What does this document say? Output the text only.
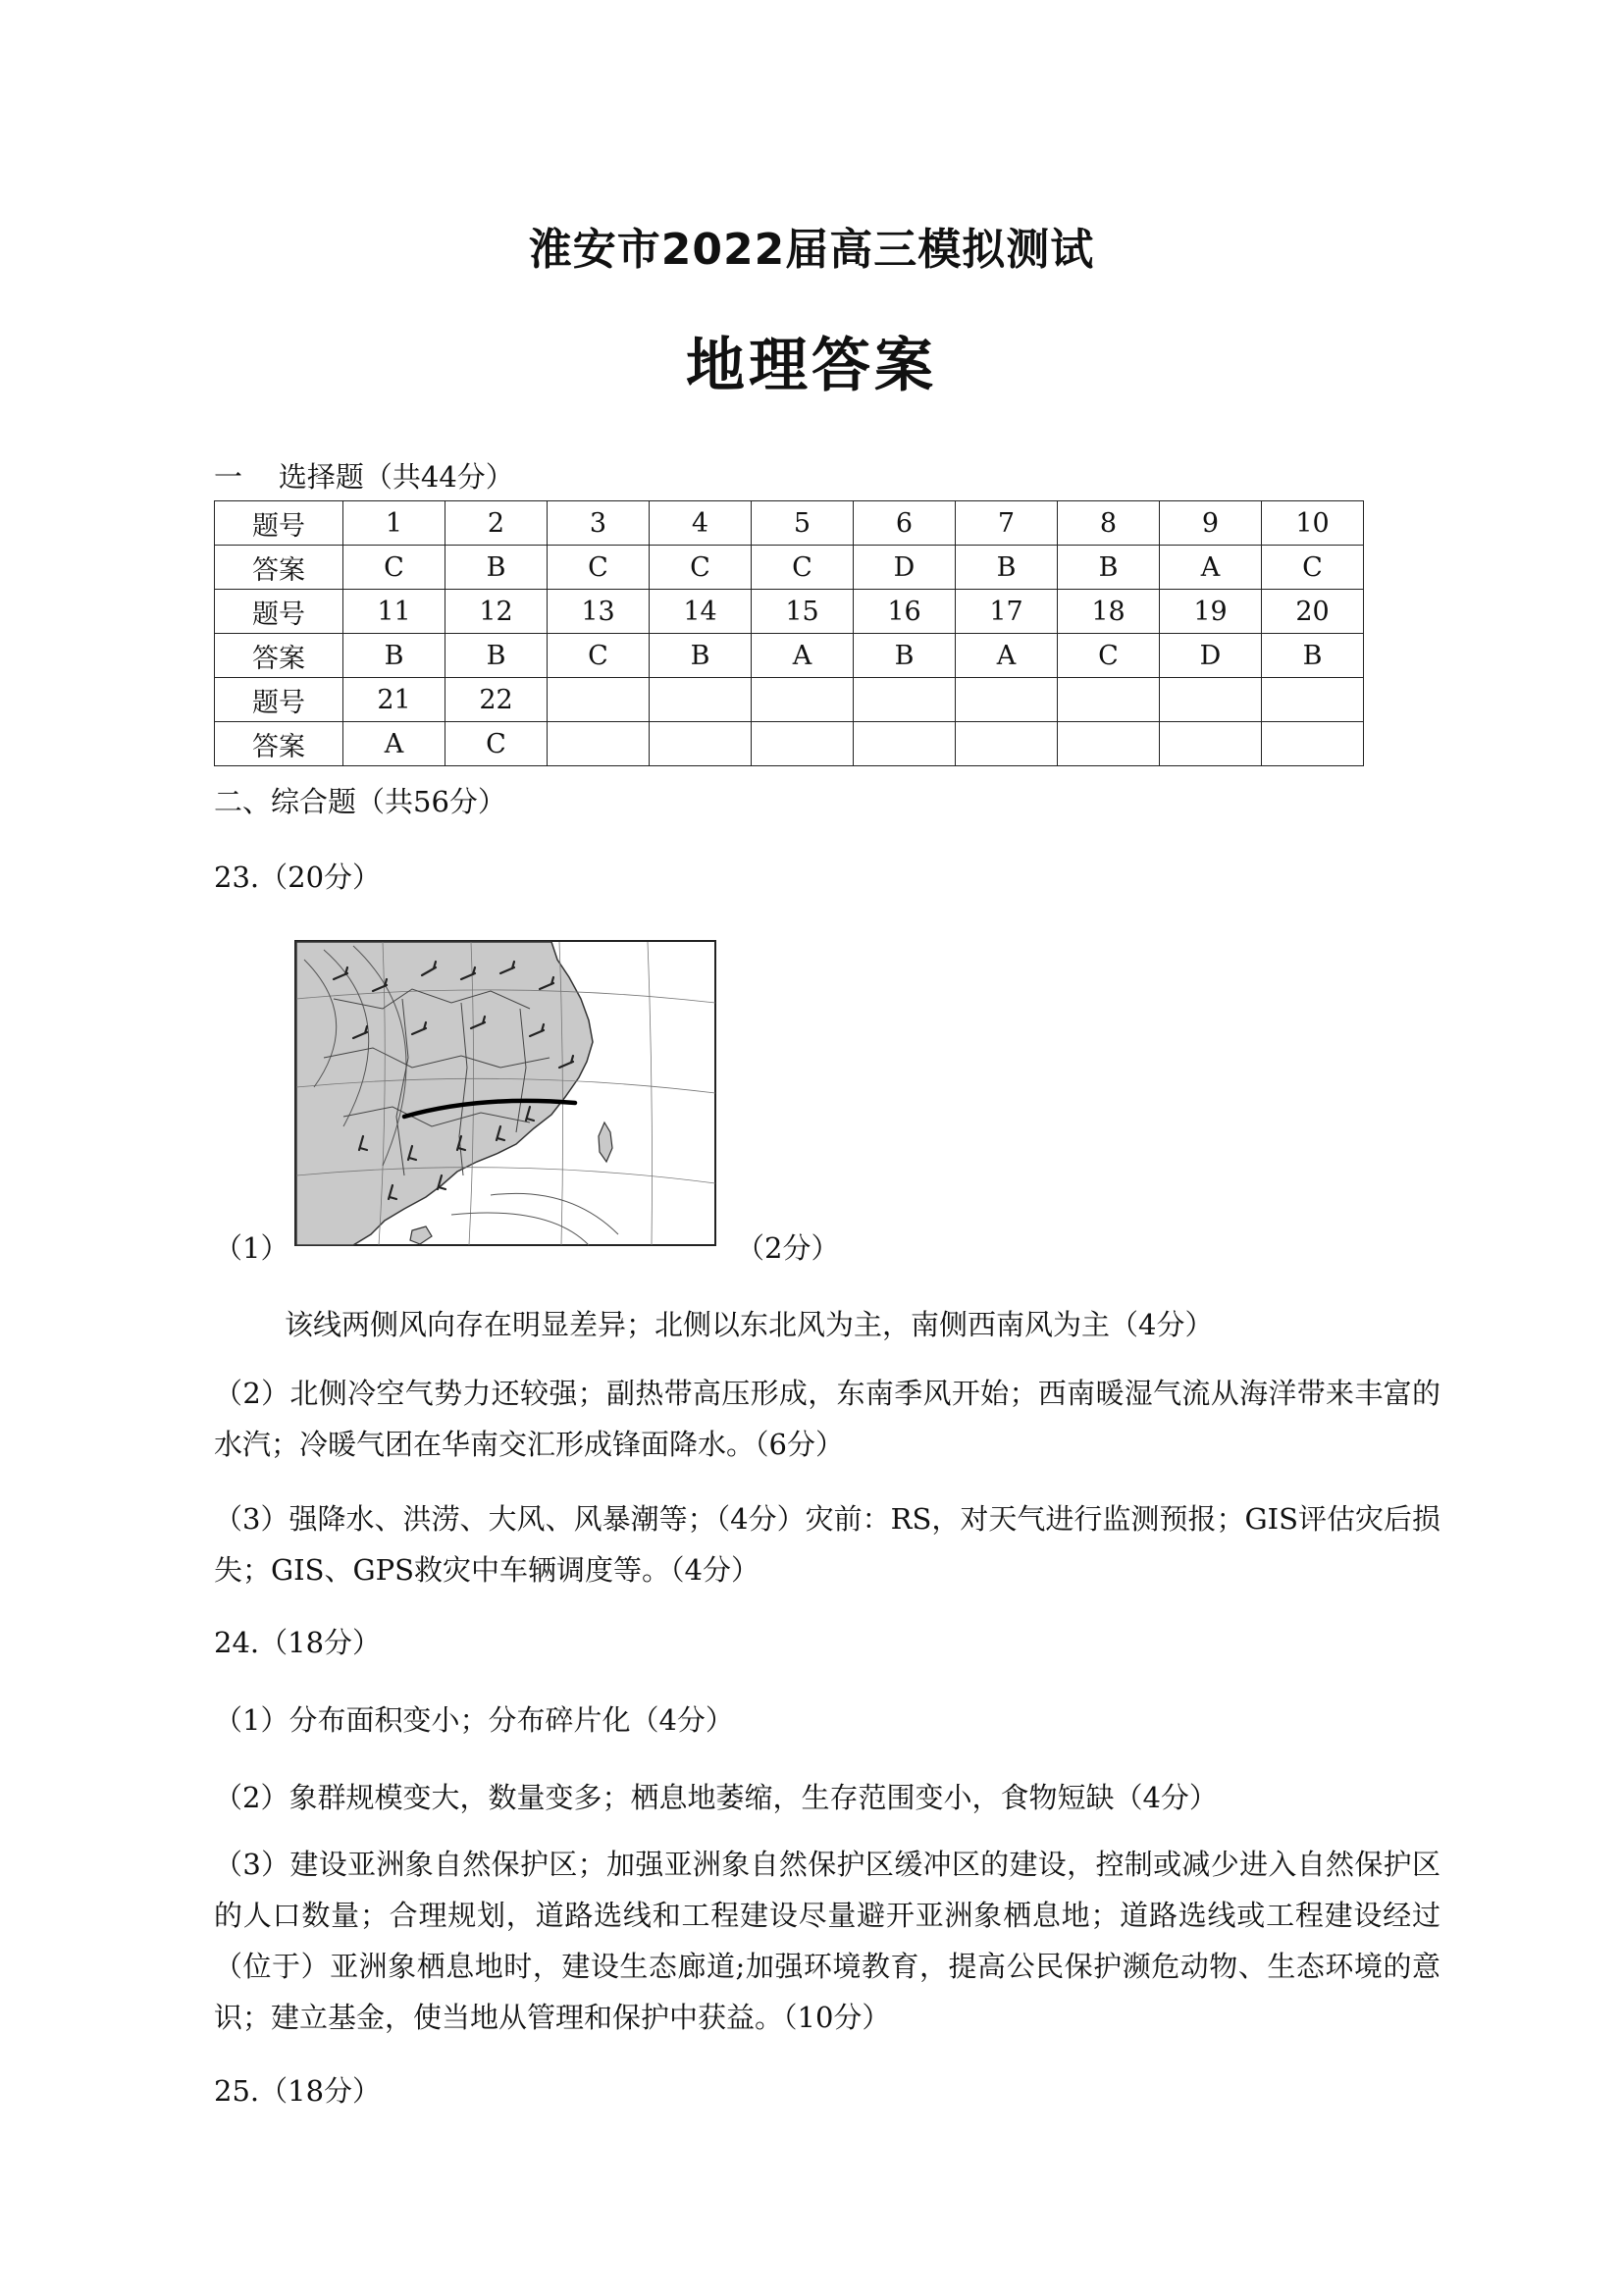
淮安市2022届高三模拟测试
地理答案
一    选择题（共44分）
题号	1	2	3	4	5	6	7	8	9	10
答案	C	B	C	C	C	D	B	B	A	C
题号	11	12	13	14	15	16	17	18	19	20
答案	B	B	C	B	A	B	A	C	D	B
题号	21	22								
答案	A	C								
二、综合题（共56分）
23.（20分）
（1）	（2分）
该线两侧风向存在明显差异；北侧以东北风为主，南侧西南风为主（4分）
（2）北侧冷空气势力还较强；副热带高压形成，东南季风开始；西南暖湿气流从海洋带来丰富的水汽；冷暖气团在华南交汇形成锋面降水。（6分）
（3）强降水、洪涝、大风、风暴潮等；（4分）灾前：RS，对天气进行监测预报；GIS评估灾后损失；GIS、GPS救灾中车辆调度等。（4分）
24.（18分）
（1）分布面积变小；分布碎片化（4分）
（2）象群规模变大，数量变多；栖息地萎缩，生存范围变小，食物短缺（4分）
（3）建设亚洲象自然保护区；加强亚洲象自然保护区缓冲区的建设，控制或减少进入自然保护区的人口数量；合理规划，道路选线和工程建设尽量避开亚洲象栖息地；道路选线或工程建设经过（位于）亚洲象栖息地时，建设生态廊道;加强环境教育，提高公民保护濒危动物、生态环境的意识；建立基金，使当地从管理和保护中获益。（10分）
25.（18分）
